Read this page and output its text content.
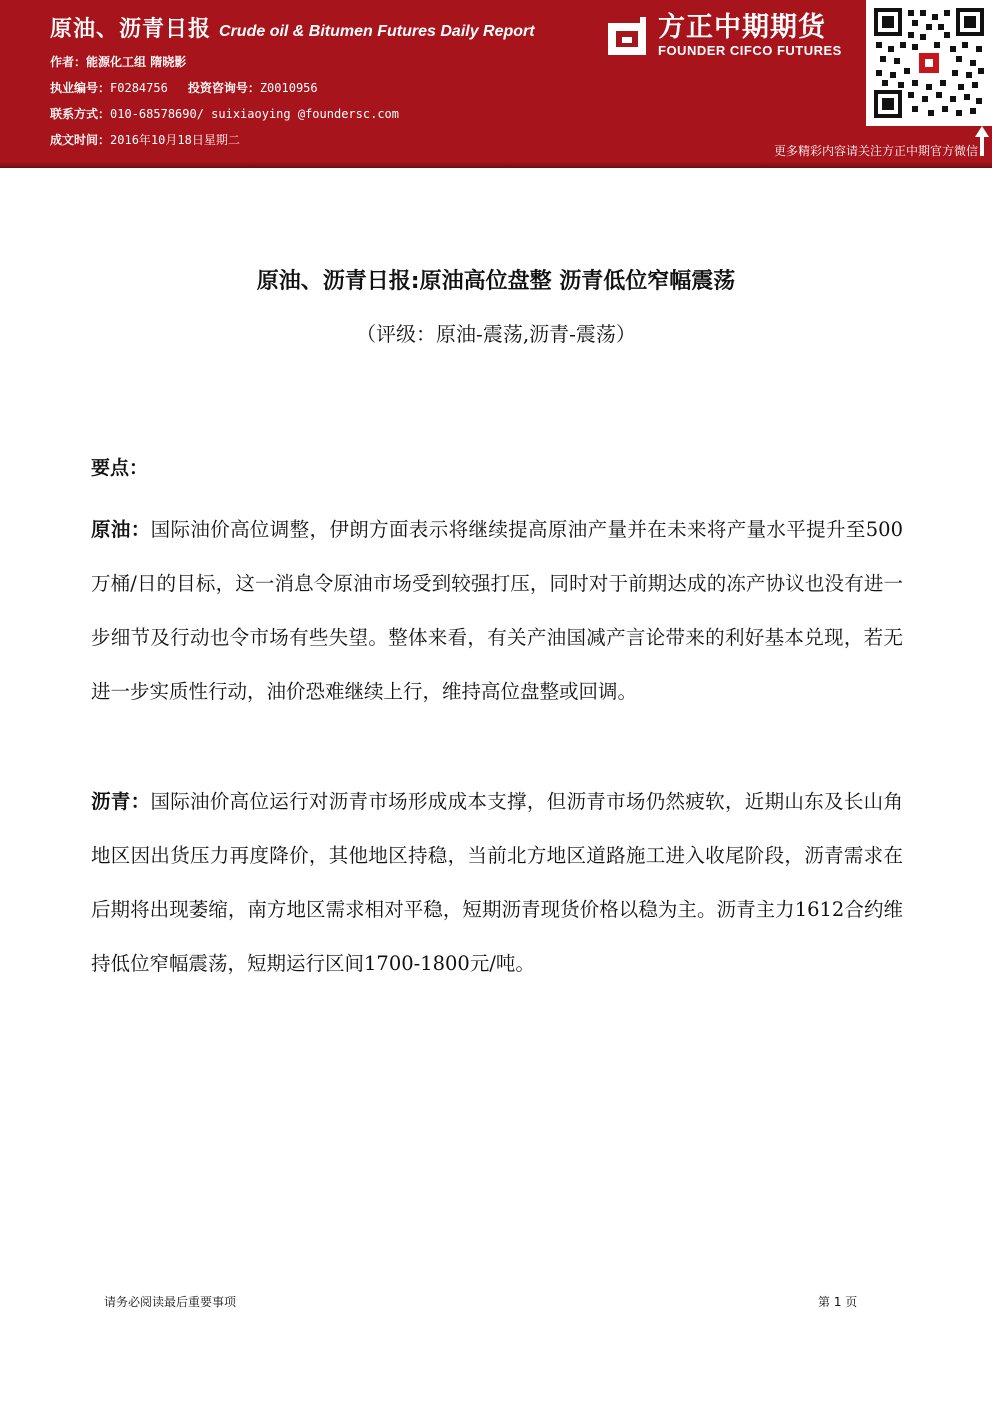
原油、沥青日报 Crude oil & Bitumen Futures Daily Report
作者：能源化工组 隋晓影
执业编号：F0284756 投资咨询号：Z0010956
联系方式：010-68578690/ suixiaoying @foundersc.com
成文时间：2016年10月18日星期二
方正中期期货
FOUNDER CIFCO FUTURES
更多精彩内容请关注方正中期官方微信
原油、沥青日报:原油高位盘整 沥青低位窄幅震荡
（评级：原油-震荡,沥青-震荡）
要点：
原油：国际油价高位调整，伊朗方面表示将继续提高原油产量并在未来将产量水平提升至500万桶/日的目标，这一消息令原油市场受到较强打压，同时对于前期达成的冻产协议也没有进一步细节及行动也令市场有些失望。整体来看，有关产油国减产言论带来的利好基本兑现，若无进一步实质性行动，油价恐难继续上行，维持高位盘整或回调。
沥青：国际油价高位运行对沥青市场形成成本支撑，但沥青市场仍然疲软，近期山东及长山角地区因出货压力再度降价，其他地区持稳，当前北方地区道路施工进入收尾阶段，沥青需求在后期将出现萎缩，南方地区需求相对平稳，短期沥青现货价格以稳为主。沥青主力1612合约维持低位窄幅震荡，短期运行区间1700-1800元/吨。
请务必阅读最后重要事项	第 1 页
